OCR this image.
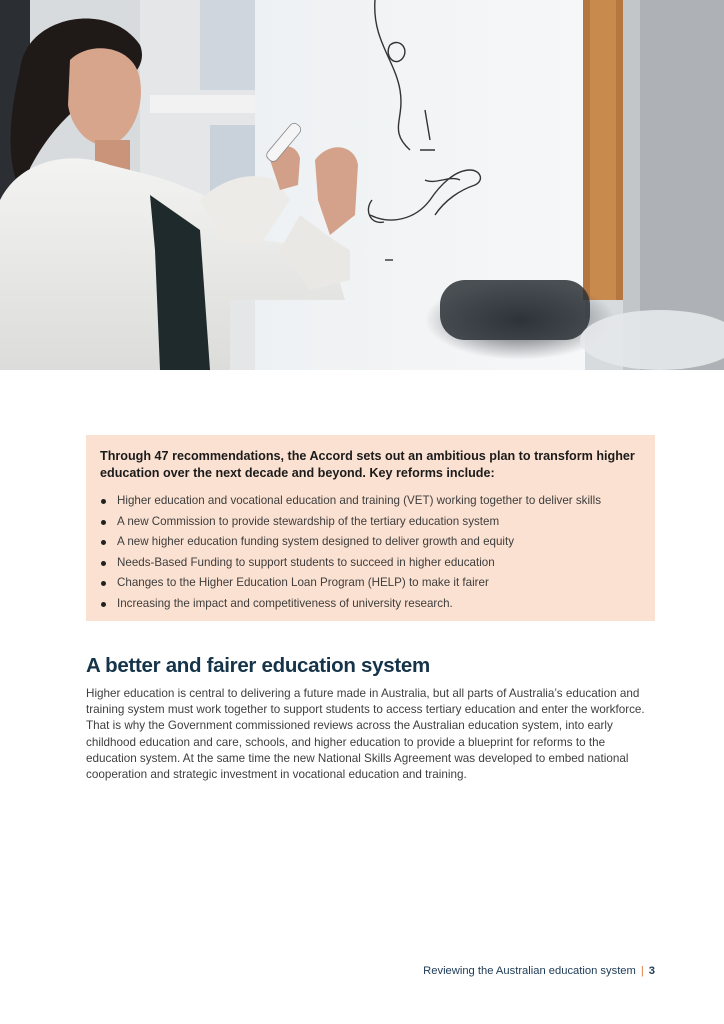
Through 47 recommendations, the Accord sets out an ambitious plan to transform higher education over the next decade and beyond. Key reforms include:

Higher education and vocational education and training (VET) working together to deliver skills
A new Commission to provide stewardship of the tertiary education system
A new higher education funding system designed to deliver growth and equity
Needs-Based Funding to support students to succeed in higher education
Changes to the Higher Education Loan Program (HELP) to make it fairer
Increasing the impact and competitiveness of university research.
A better and fairer education system

Higher education is central to delivering a future made in Australia, but all parts of Australia’s education and training system must work together to support students to access tertiary education and enter the workforce. That is why the Government commissioned reviews across the Australian education system, into early childhood education and care, schools, and higher education to provide a blueprint for reforms to the education system. At the same time the new National Skills Agreement was developed to embed national cooperation and strategic investment in vocational education and training.

Reviewing the Australian education system | 3
